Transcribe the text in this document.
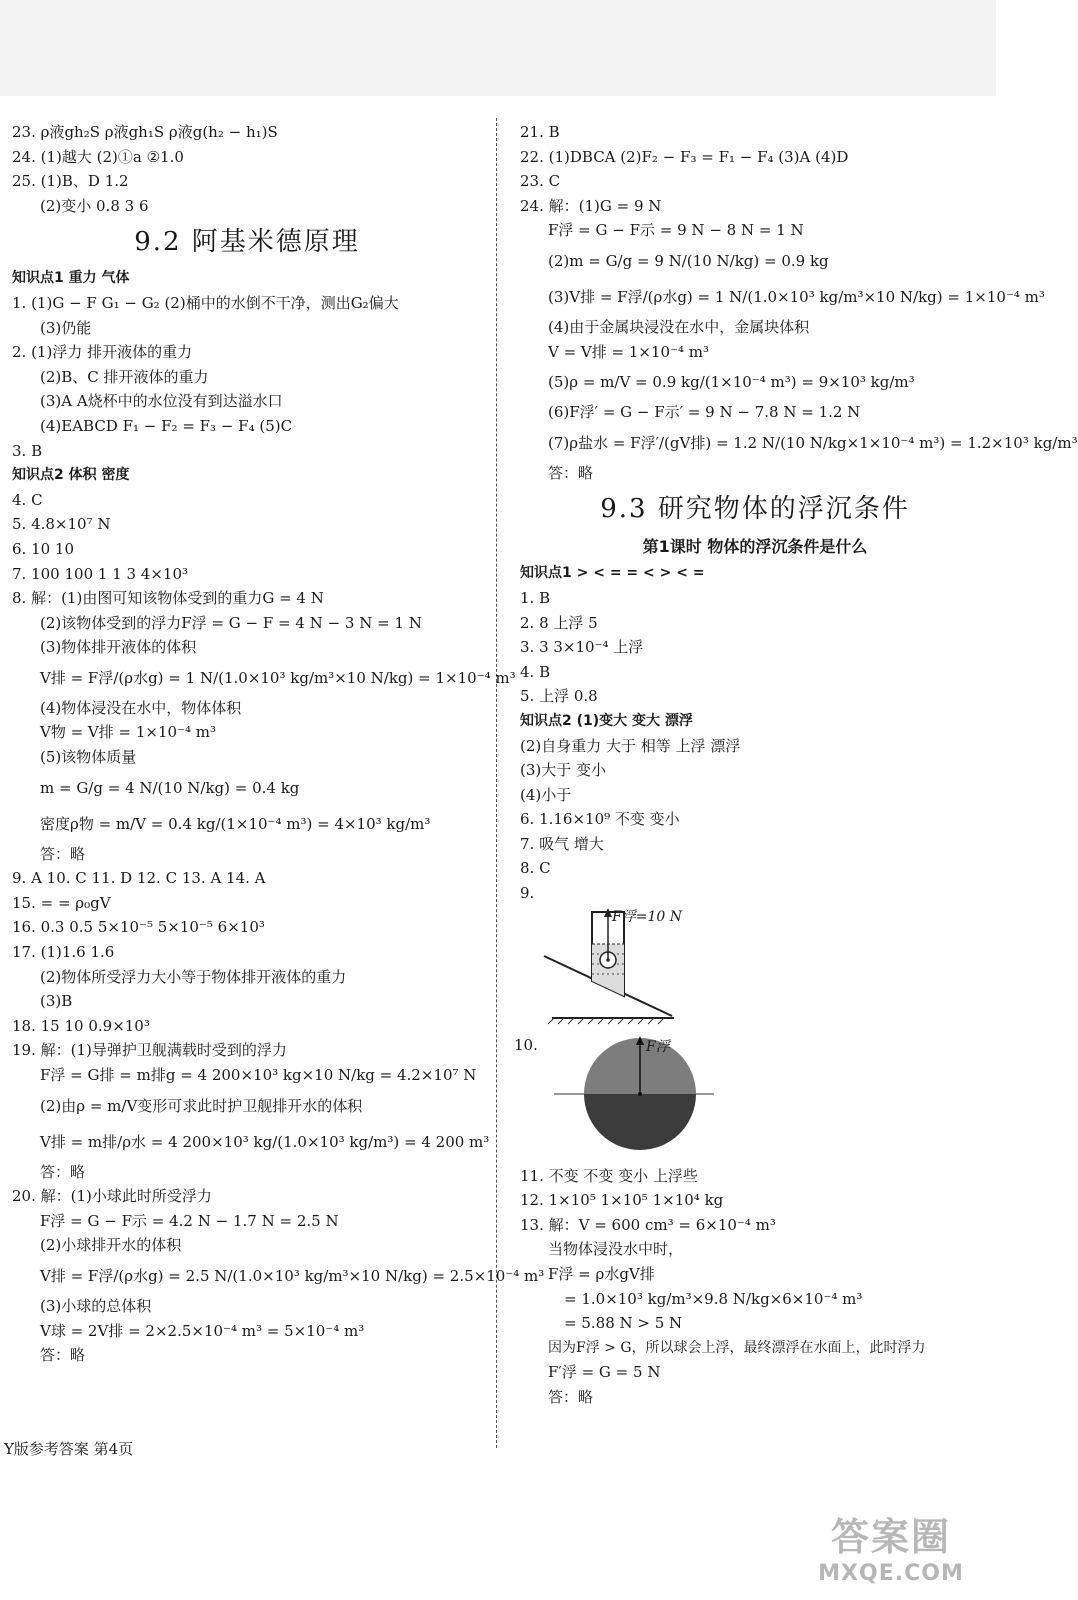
23. ρ液gh₂S ρ液gh₁S ρ液g(h₂ − h₁)S
24. (1)越大 (2)①a ②1.0
25. (1)B、D 1.2
(2)变小 0.8 3 6
9.2 阿基米德原理
知识点1 重力 气体
1. (1)G − F G₁ − G₂ (2)桶中的水倒不干净，测出G₂偏大
(3)仍能
2. (1)浮力 排开液体的重力
(2)B、C 排开液体的重力
(3)A A烧杯中的水位没有到达溢水口
(4)EABCD F₁ − F₂ = F₃ − F₄ (5)C
3. B
知识点2 体积 密度
4. C
5. 4.8×10⁷ N
6. 10 10
7. 100 100 1 1 3 4×10³
8. 解：(1)由图可知该物体受到的重力G = 4 N
(2)该物体受到的浮力F浮 = G − F = 4 N − 3 N = 1 N
(3)物体排开液体的体积
V排 = F浮/(ρ水g) = 1 N/(1.0×10³ kg/m³×10 N/kg) = 1×10⁻⁴ m³
(4)物体浸没在水中，物体体积
V物 = V排 = 1×10⁻⁴ m³
(5)该物体质量
m = G/g = 4 N/(10 N/kg) = 0.4 kg
密度ρ物 = m/V = 0.4 kg/(1×10⁻⁴ m³) = 4×10³ kg/m³
答：略
9. A 10. C 11. D 12. C 13. A 14. A
15. = = ρ₀gV
16. 0.3 0.5 5×10⁻⁵ 5×10⁻⁵ 6×10³
17. (1)1.6 1.6
(2)物体所受浮力大小等于物体排开液体的重力
(3)B
18. 15 10 0.9×10³
19. 解：(1)导弹护卫舰满载时受到的浮力
F浮 = G排 = m排g = 4 200×10³ kg×10 N/kg = 4.2×10⁷ N
(2)由ρ = m/V变形可求此时护卫舰排开水的体积
V排 = m排/ρ水 = 4 200×10³ kg/(1.0×10³ kg/m³) = 4 200 m³
答：略
20. 解：(1)小球此时所受浮力
F浮 = G − F示 = 4.2 N − 1.7 N = 2.5 N
(2)小球排开水的体积
V排 = F浮/(ρ水g) = 2.5 N/(1.0×10³ kg/m³×10 N/kg) = 2.5×10⁻⁴ m³
(3)小球的总体积
V球 = 2V排 = 2×2.5×10⁻⁴ m³ = 5×10⁻⁴ m³
答：略
21. B
22. (1)DBCA (2)F₂ − F₃ = F₁ − F₄ (3)A (4)D
23. C
24. 解：(1)G = 9 N
F浮 = G − F示 = 9 N − 8 N = 1 N
(2)m = G/g = 9 N/(10 N/kg) = 0.9 kg
(3)V排 = F浮/(ρ水g) = 1 N/(1.0×10³ kg/m³×10 N/kg) = 1×10⁻⁴ m³
(4)由于金属块浸没在水中，金属块体积
V = V排 = 1×10⁻⁴ m³
(5)ρ = m/V = 0.9 kg/(1×10⁻⁴ m³) = 9×10³ kg/m³
(6)F浮′ = G − F示′ = 9 N − 7.8 N = 1.2 N
(7)ρ盐水 = F浮′/(gV排) = 1.2 N/(10 N/kg×1×10⁻⁴ m³) = 1.2×10³ kg/m³
答：略
9.3 研究物体的浮沉条件
第1课时 物体的浮沉条件是什么
知识点1 > < = = < > < =
1. B
2. 8 上浮 5
3. 3 3×10⁻⁴ 上浮
4. B
5. 上浮 0.8
知识点2 (1)变大 变大 漂浮
(2)自身重力 大于 相等 上浮 漂浮
(3)大于 变小
(4)小于
6. 1.16×10⁹ 不变 变小
7. 吸气 增大
8. C
9.
F浮=10 N
10.	F浮
11. 不变 不变 变小 上浮些
12. 1×10⁵ 1×10⁵ 1×10⁴ kg
13. 解：V = 600 cm³ = 6×10⁻⁴ m³
当物体浸没水中时，
F浮 = ρ水gV排
= 1.0×10³ kg/m³×9.8 N/kg×6×10⁻⁴ m³
= 5.88 N > 5 N
因为F浮 > G，所以球会上浮，最终漂浮在水面上，此时浮力
F′浮 = G = 5 N
答：略
Y版参考答案 第4页
答案圈
MXQE.COM
